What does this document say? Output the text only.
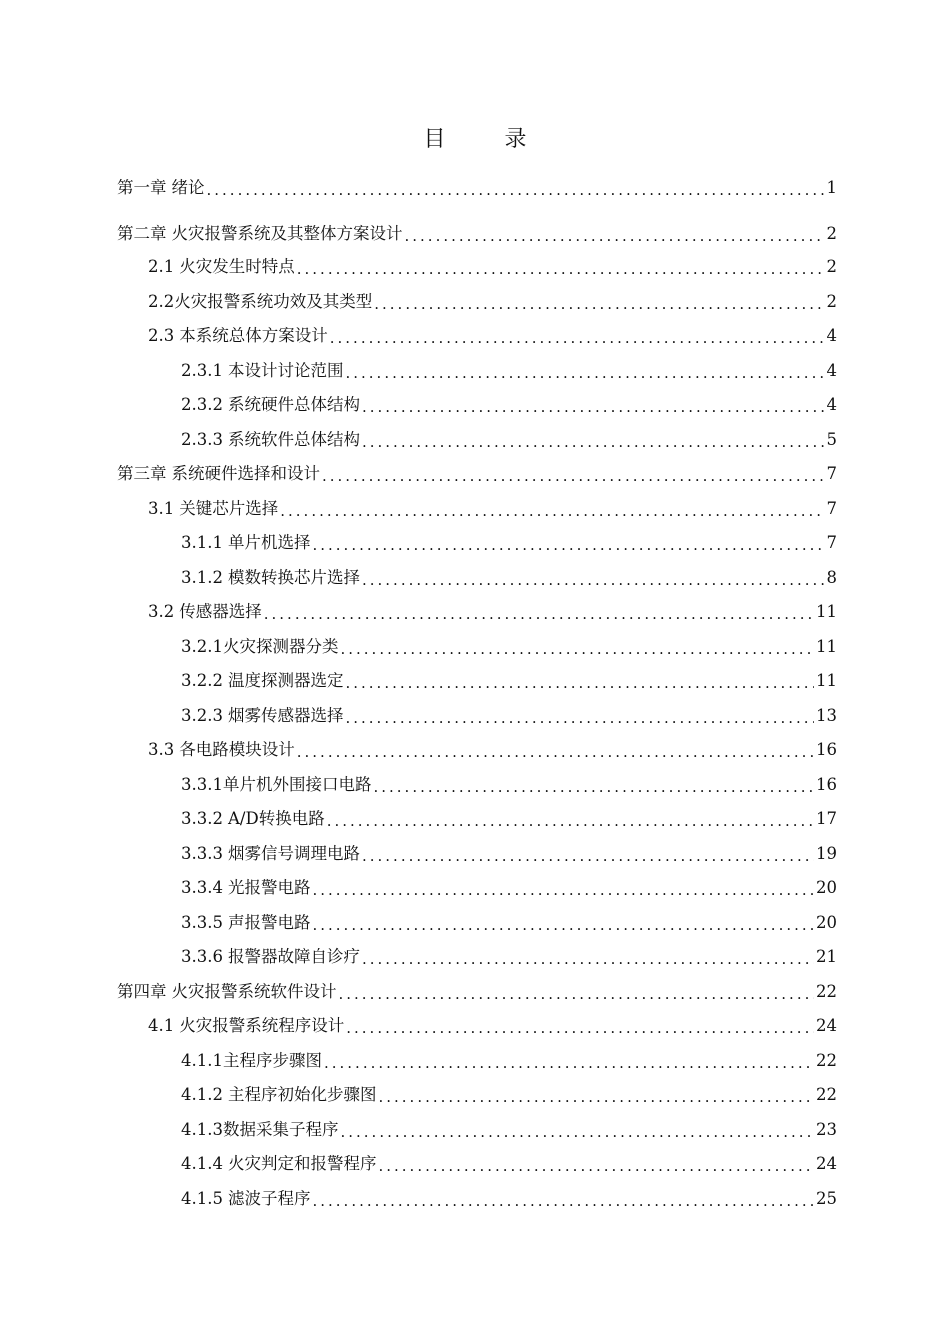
目 录
第一章 绪论 .....	1
第二章 火灾报警系统及其整体方案设计 .....	2
2.1 火灾发生时特点 .....	2
2.2火灾报警系统功效及其类型 .....	2
2.3 本系统总体方案设计 .....	4
2.3.1 本设计讨论范围 .....	4
2.3.2 系统硬件总体结构 .....	4
2.3.3 系统软件总体结构 .....	5
第三章 系统硬件选择和设计 .....	7
3.1 关键芯片选择 .....	7
3.1.1 单片机选择 .....	7
3.1.2 模数转换芯片选择 .....	8
3.2 传感器选择 .....	11
3.2.1火灾探测器分类 .....	11
3.2.2 温度探测器选定 .....	11
3.2.3 烟雾传感器选择 .....	13
3.3 各电路模块设计 .....	16
3.3.1单片机外围接口电路 .....	16
3.3.2 A/D转换电路 .....	17
3.3.3 烟雾信号调理电路 .....	19
3.3.4 光报警电路 .....	20
3.3.5 声报警电路 .....	20
3.3.6 报警器故障自诊疗 .....	21
第四章 火灾报警系统软件设计 .....	22
4.1 火灾报警系统程序设计 .....	24
4.1.1主程序步骤图 .....	22
4.1.2 主程序初始化步骤图 .....	22
4.1.3数据采集子程序 .....	23
4.1.4 火灾判定和报警程序 .....	24
4.1.5 滤波子程序 .....	25
